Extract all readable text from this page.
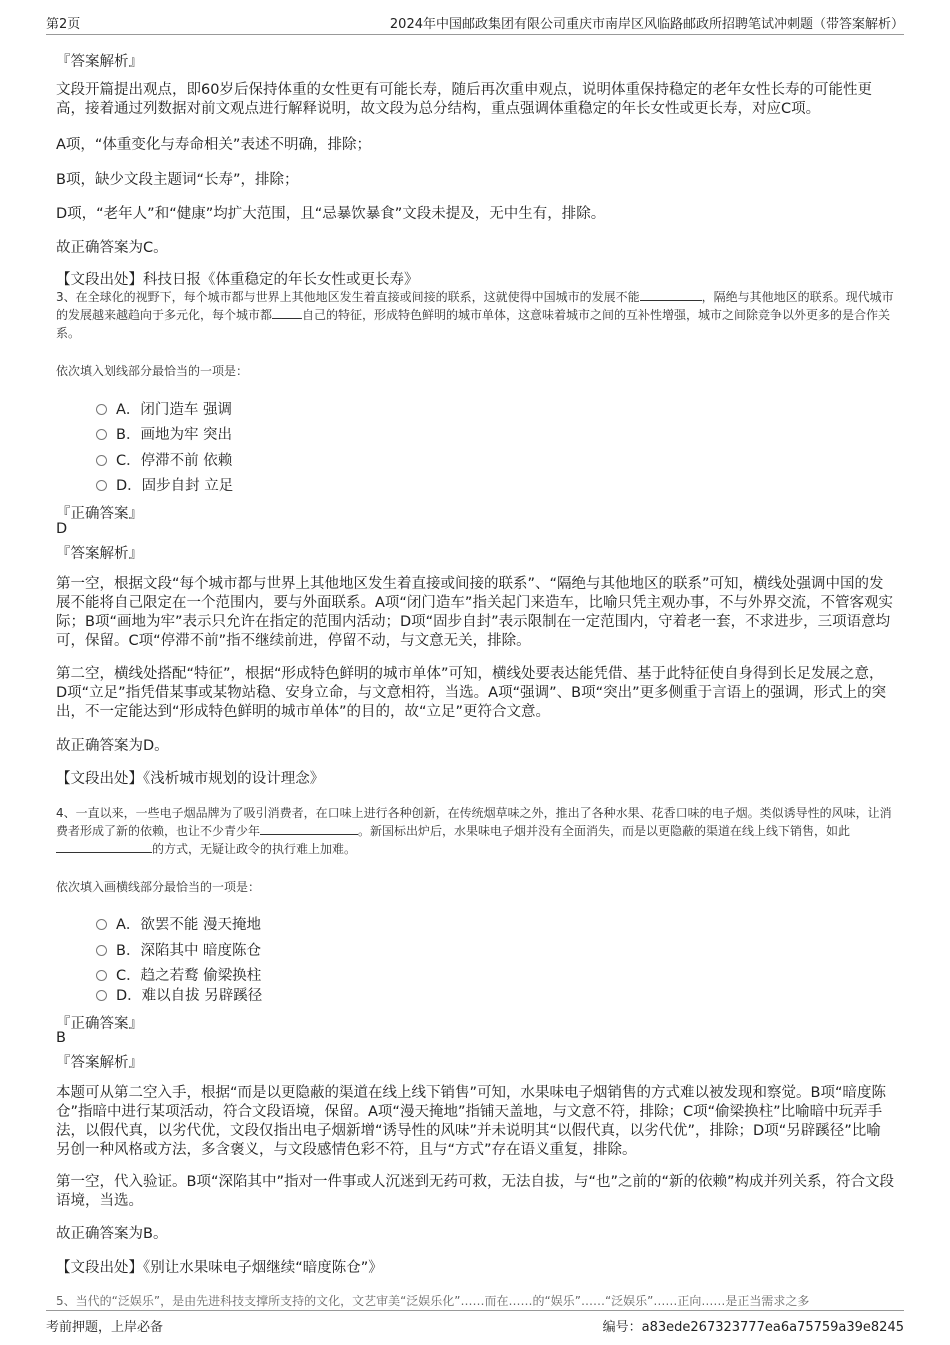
第2页	2024年中国邮政集团有限公司重庆市南岸区风临路邮政所招聘笔试冲刺题（带答案解析）
『答案解析』
文段开篇提出观点，即60岁后保持体重的女性更有可能长寿，随后再次重申观点，说明体重保持稳定的老年女性长寿的可能性更高，接着通过列数据对前文观点进行解释说明，故文段为总分结构，重点强调体重稳定的年长女性或更长寿，对应C项。
A项，“体重变化与寿命相关”表述不明确，排除；
B项，缺少文段主题词“长寿”，排除；
D项，“老年人”和“健康”均扩大范围，且“忌暴饮暴食”文段未提及，无中生有，排除。
故正确答案为C。
【文段出处】科技日报《体重稳定的年长女性或更长寿》
3、在全球化的视野下，每个城市都与世界上其他地区发生着直接或间接的联系，这就使得中国城市的发展不能	，隔绝与其他地区的联系。现代城市的发展越来越趋向于多元化，每个城市都	自己的特征，形成特色鲜明的城市单体，这意味着城市之间的互补性增强，城市之间除竞争以外更多的是合作关系。
依次填入划线部分最恰当的一项是：
A．闭门造车 强调
B．画地为牢 突出
C．停滞不前 依赖
D．固步自封 立足
『正确答案』
D
『答案解析』
第一空，根据文段“每个城市都与世界上其他地区发生着直接或间接的联系”、“隔绝与其他地区的联系”可知，横线处强调中国的发展不能将自己限定在一个范围内，要与外面联系。A项“闭门造车”指关起门来造车，比喻只凭主观办事，不与外界交流，不管客观实际；B项“画地为牢”表示只允许在指定的范围内活动；D项“固步自封”表示限制在一定范围内，守着老一套，不求进步，三项语意均可，保留。C项“停滞不前”指不继续前进，停留不动，与文意无关，排除。
第二空，横线处搭配“特征”，根据“形成特色鲜明的城市单体”可知，横线处要表达能凭借、基于此特征使自身得到长足发展之意，D项“立足”指凭借某事或某物站稳、安身立命，与文意相符，当选。A项“强调”、B项“突出”更多侧重于言语上的强调，形式上的突出，不一定能达到“形成特色鲜明的城市单体”的目的，故“立足”更符合文意。
故正确答案为D。
【文段出处】《浅析城市规划的设计理念》
4、一直以来，一些电子烟品牌为了吸引消费者，在口味上进行各种创新，在传统烟草味之外，推出了各种水果、花香口味的电子烟。类似诱导性的风味，让消费者形成了新的依赖，也让不少青少年	。新国标出炉后，水果味电子烟并没有全面消失，而是以更隐蔽的渠道在线上线下销售，如此的方式，无疑让政令的执行难上加难。
依次填入画横线部分最恰当的一项是：
A．欲罢不能 漫天掩地
B．深陷其中 暗度陈仓
C．趋之若鹜 偷梁换柱
D．难以自拔 另辟蹊径
『正确答案』
B
『答案解析』
本题可从第二空入手，根据“而是以更隐蔽的渠道在线上线下销售”可知，水果味电子烟销售的方式难以被发现和察觉。B项“暗度陈仓”指暗中进行某项活动，符合文段语境，保留。A项“漫天掩地”指铺天盖地，与文意不符，排除；C项“偷梁换柱”比喻暗中玩弄手法，以假代真，以劣代优，文段仅指出电子烟新增“诱导性的风味”并未说明其“以假代真，以劣代优”，排除；D项“另辟蹊径”比喻另创一种风格或方法，多含褒义，与文段感情色彩不符，且与“方式”存在语义重复，排除。
第一空，代入验证。B项“深陷其中”指对一件事或人沉迷到无药可救，无法自拔，与“也”之前的“新的依赖”构成并列关系，符合文段语境，当选。
故正确答案为B。
【文段出处】《别让水果味电子烟继续“暗度陈仓”》
5、当代的“泛娱乐”，是由先进科技支撑所支持的文化，文艺审美“泛娱乐化”……而在……的“娱乐”……“泛娱乐”……正向……是正当需求之多
考前押题，上岸必备	编号：a83ede267323777ea6a75759a39e8245
